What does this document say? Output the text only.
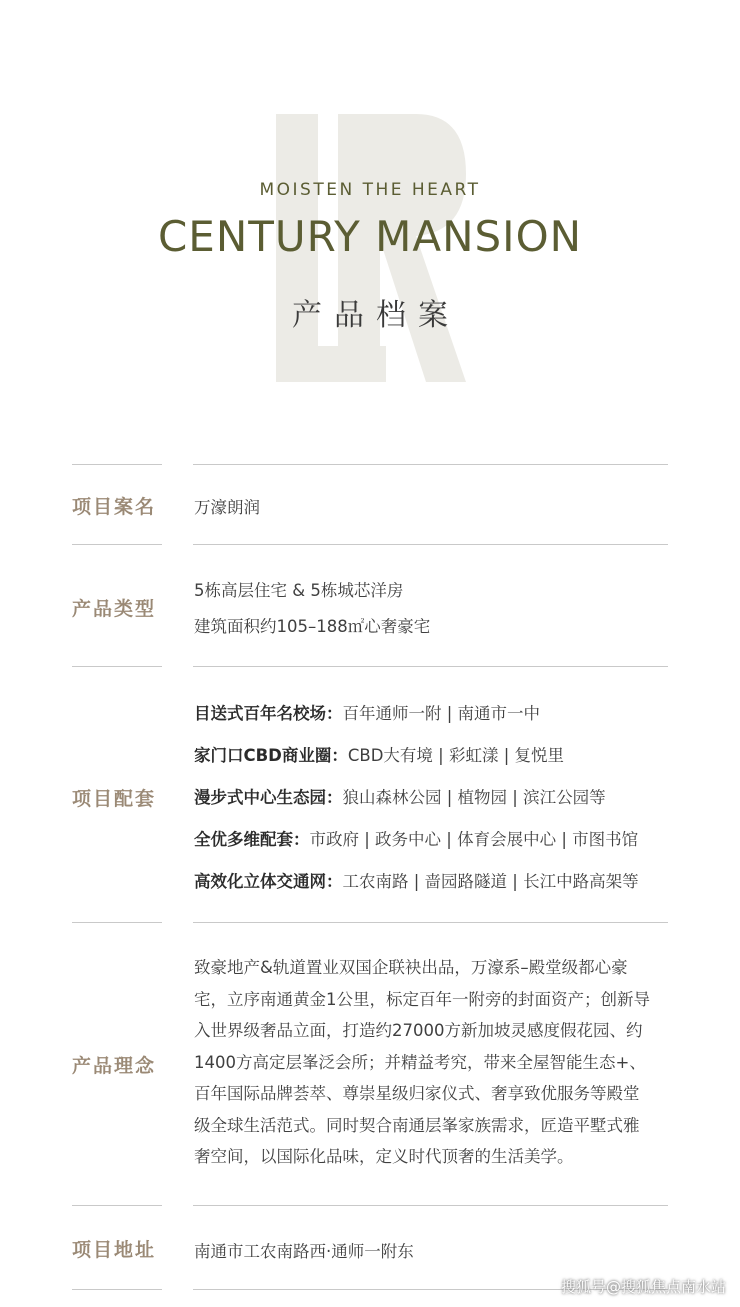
MOISTEN THE HEART
CENTURY MANSION
产品档案
项目案名	万濠朗润
产品类型
5栋高层住宅 & 5栋城芯洋房
建筑面积约105–188㎡心奢豪宅
项目配套
目送式百年名校场：百年通师一附 | 南通市一中
家门口CBD商业圈：CBD大有境 | 彩虹漾 | 复悦里
漫步式中心生态园：狼山森林公园 | 植物园 | 滨江公园等
全优多维配套：市政府 | 政务中心 | 体育会展中心 | 市图书馆
高效化立体交通网：工农南路 | 啬园路隧道 | 长江中路高架等
产品理念
致豪地产&轨道置业双国企联袂出品，万濠系–殿堂级都心豪
宅，立序南通黄金1公里，标定百年一附旁的封面资产；创新导
入世界级奢品立面，打造约27000方新加坡灵感度假花园、约
1400方高定层峯泛会所；并精益考究，带来全屋智能生态+、
百年国际品牌荟萃、尊崇星级归家仪式、奢享致优服务等殿堂
级全球生活范式。同时契合南通层峯家族需求，匠造平墅式雅
奢空间，以国际化品味，定义时代顶奢的生活美学。
项目地址	南通市工农南路西·通师一附东
搜狐号@搜狐焦点南水站
